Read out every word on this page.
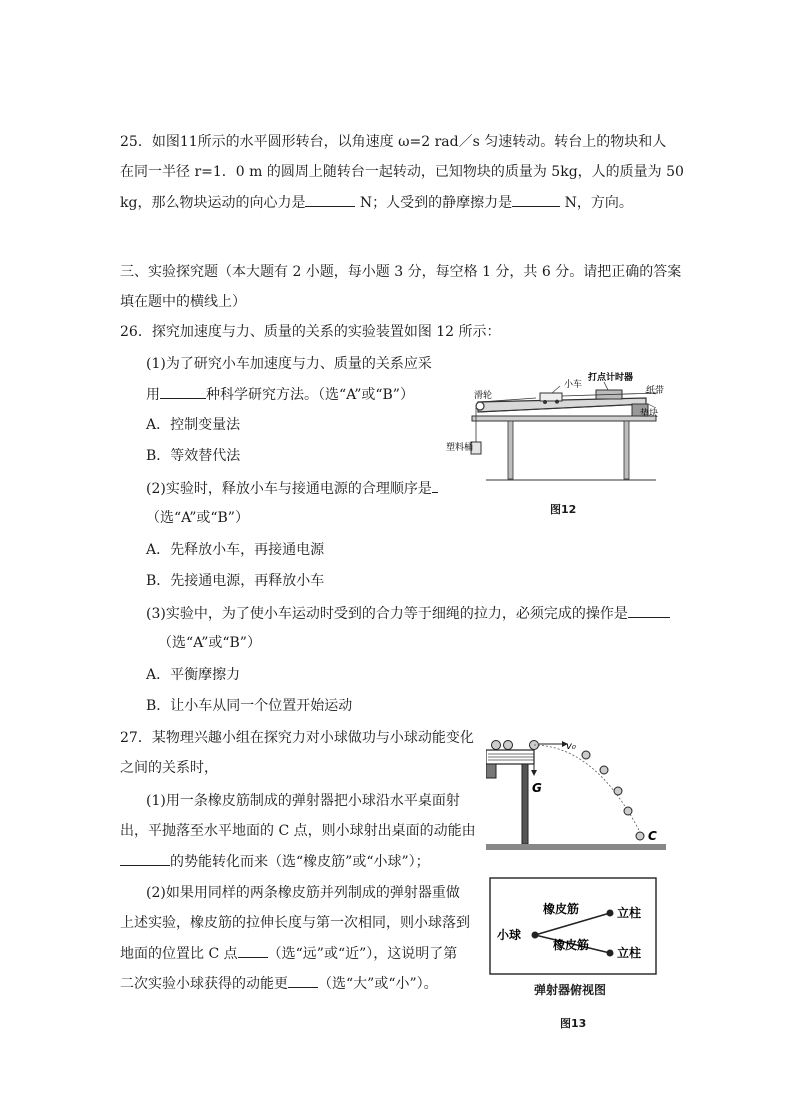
25．如图11所示的水平圆形转台，以角速度 ω=2 rad／s 匀速转动。转台上的物块和人
在同一半径 r=1．0 m 的圆周上随转台一起转动，已知物块的质量为 5kg，人的质量为 50
kg，那么物块运动的向心力是	N；人受到的静摩擦力是	N，方向。
三、实验探究题（本大题有 2 小题，每小题 3 分，每空格 1 分，共 6 分。请把正确的答案
填在题中的横线上）
26．探究加速度与力、质量的关系的实验装置如图 12 所示：
(1)为了研究小车加速度与力、质量的关系应采
用	种科学研究方法。（选“A”或“B”）
A．控制变量法
B．等效替代法
(2)实验时，释放小车与接通电源的合理顺序是
（选“A”或“B”）
A．先释放小车，再接通电源
B．先接通电源，再释放小车
(3)实验中，为了使小车运动时受到的合力等于细绳的拉力，必须完成的操作是
（选“A”或“B”）
A．平衡摩擦力
B．让小车从同一个位置开始运动
滑轮
小车
打点计时器
纸带
垫块
塑料桶
图12
27．某物理兴趣小组在探究力对小球做功与小球动能变化
之间的关系时，
(1)用一条橡皮筋制成的弹射器把小球沿水平桌面射
出，平抛落至水平地面的 C 点，则小球射出桌面的动能由
的势能转化而来（选“橡皮筋”或“小球”）；
(2)如果用同样的两条橡皮筋并列制成的弹射器重做
上述实验，橡皮筋的拉伸长度与第一次相同，则小球落到
地面的位置比 C 点 （选“远”或“近”），这说明了第
二次实验小球获得的动能更 （选“大”或“小”）。
v₀
G
C
橡皮筋
橡皮筋
小球
立柱
立柱
弹射器俯视图
图13
